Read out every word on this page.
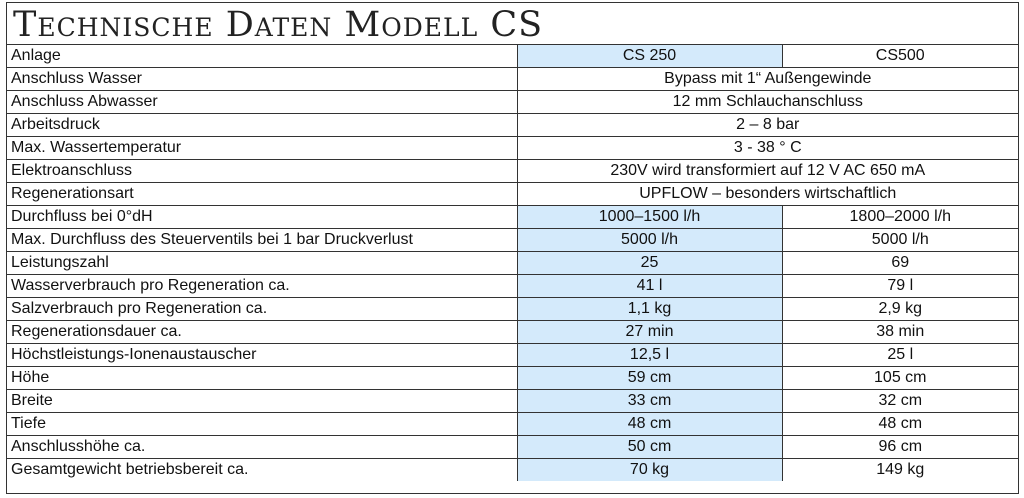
Technische Daten Modell CS
Anlage	CS 250	CS500
Anschluss Wasser	Bypass mit 1“ Außengewinde	
Anschluss Abwasser	12 mm Schlauchanschluss	
Arbeitsdruck	2 – 8 bar	
Max. Wassertemperatur	3 - 38 ° C	
Elektroanschluss	230V wird transformiert auf 12 V AC 650 mA	
Regenerationsart	UPFLOW – besonders wirtschaftlich	
Durchfluss bei 0°dH	1000–1500 l/h	1800–2000 l/h
Max. Durchfluss des Steuerventils bei 1 bar Druckverlust	5000 l/h	5000 l/h
Leistungszahl	25	69
Wasserverbrauch pro Regeneration ca.	41 l	79 l
Salzverbrauch pro Regeneration ca.	1,1 kg	2,9 kg
Regenerationsdauer ca.	27 min	38 min
Höchstleistungs-Ionenaustauscher	12,5 l	25 l
Höhe	59 cm	105 cm
Breite	33 cm	32 cm
Tiefe	48 cm	48 cm
Anschlusshöhe ca.	50 cm	96 cm
Gesamtgewicht betriebsbereit ca.	70 kg	149 kg
